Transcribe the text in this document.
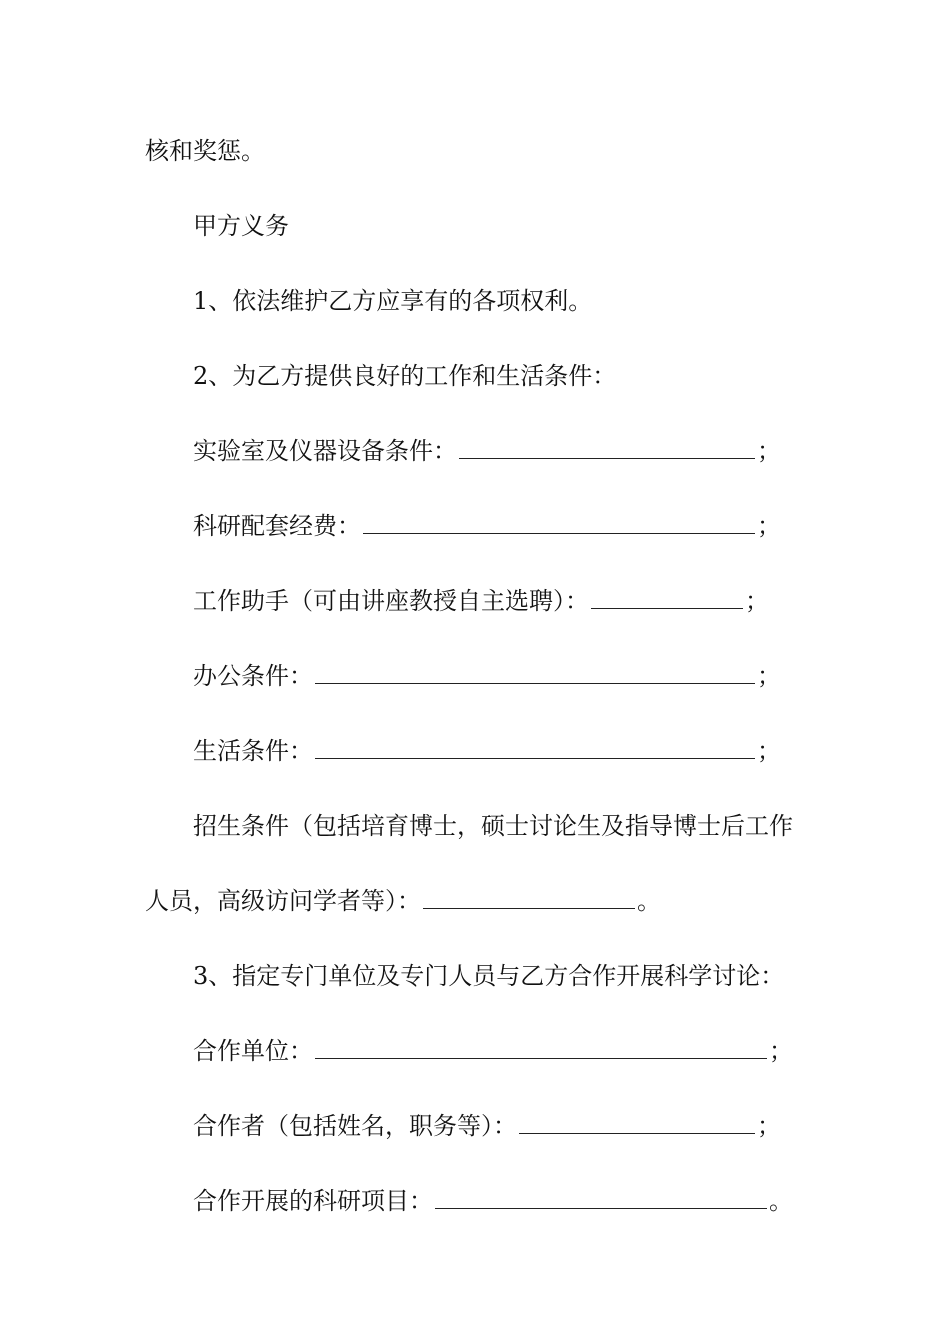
核和奖惩。
甲方义务
1、依法维护乙方应享有的各项权利。
2、为乙方提供良好的工作和生活条件：
实验室及仪器设备条件：	；
科研配套经费：	；
工作助手（可由讲座教授自主选聘）：	；
办公条件：	；
生活条件：	；
招生条件（包括培育博士，硕士讨论生及指导博士后工作
人员，高级访问学者等）：	。
3、指定专门单位及专门人员与乙方合作开展科学讨论：
合作单位：	；
合作者（包括姓名，职务等）：	；
合作开展的科研项目：	。
